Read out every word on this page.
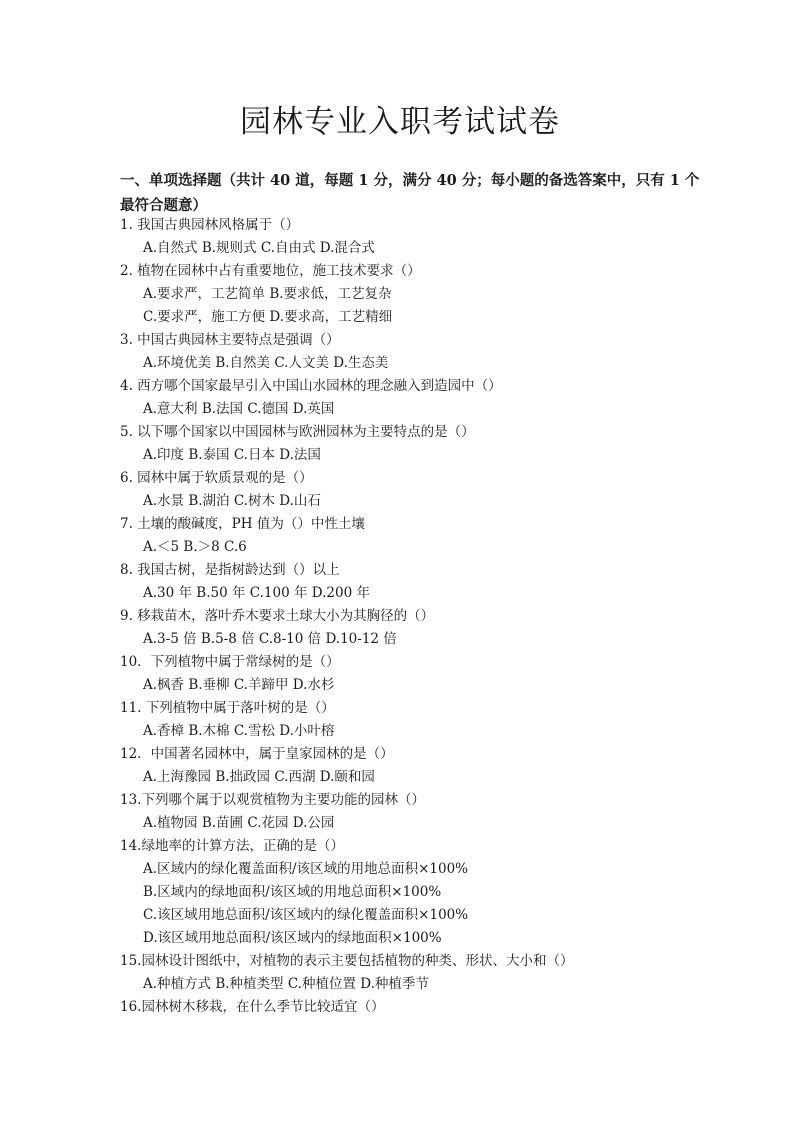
园林专业入职考试试卷

一、单项选择题（共计 40 道，每题 1 分，满分 40 分；每小题的备选答案中，只有 1 个最符合题意）

1. 我国古典园林风格属于（）
A.自然式 B.规则式 C.自由式 D.混合式
2. 植物在园林中占有重要地位，施工技术要求（）
A.要求严，工艺简单 B.要求低，工艺复杂
C.要求严，施工方便 D.要求高，工艺精细
3. 中国古典园林主要特点是强调（）
A.环境优美 B.自然美 C.人文美 D.生态美
4. 西方哪个国家最早引入中国山水园林的理念融入到造园中（）
A.意大利 B.法国 C.德国 D.英国
5. 以下哪个国家以中国园林与欧洲园林为主要特点的是（）
A.印度 B.泰国 C.日本 D.法国
6. 园林中属于软质景观的是（）
A.水景 B.湖泊 C.树木 D.山石
7. 土壤的酸碱度，PH 值为（）中性土壤
A.＜5 B.＞8 C.6
8. 我国古树，是指树龄达到（）以上
A.30 年 B.50 年 C.100 年 D.200 年
9. 移栽苗木，落叶乔木要求土球大小为其胸径的（）
A.3-5 倍 B.5-8 倍 C.8-10 倍 D.10-12 倍
10．下列植物中属于常绿树的是（）
A.枫香 B.垂柳 C.羊蹄甲 D.水杉
11. 下列植物中属于落叶树的是（）
A.香樟 B.木棉 C.雪松 D.小叶榕
12．中国著名园林中，属于皇家园林的是（）
A.上海豫园 B.拙政园 C.西湖 D.颐和园
13.下列哪个属于以观赏植物为主要功能的园林（）
A.植物园 B.苗圃 C.花园 D.公园
14.绿地率的计算方法，正确的是（）
A.区域内的绿化覆盖面积/该区域的用地总面积×100%
B.区域内的绿地面积/该区域的用地总面积×100%
C.该区域用地总面积/该区域内的绿化覆盖面积×100%
D.该区域用地总面积/该区域内的绿地面积×100%
15.园林设计图纸中，对植物的表示主要包括植物的种类、形状、大小和（）
A.种植方式 B.种植类型 C.种植位置 D.种植季节
16.园林树木移栽，在什么季节比较适宜（）
